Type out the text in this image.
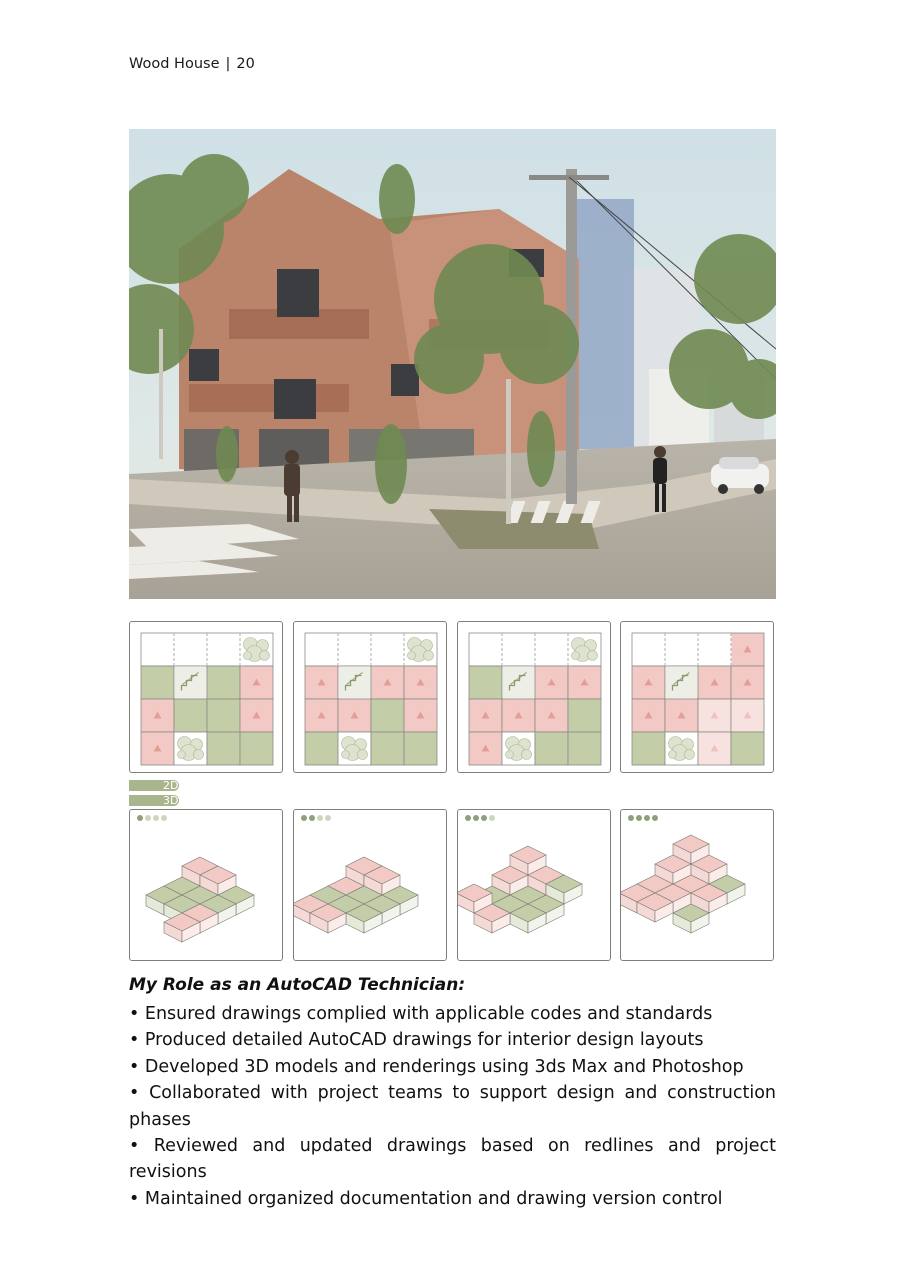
Wood House | 20
2D
3D
My Role as an AutoCAD Technician:
• Ensured drawings complied with applicable codes and standards
• Produced detailed AutoCAD drawings for interior design layouts
• Developed 3D models and renderings using 3ds Max and Photoshop
• Collaborated with project teams to support design and construction phases
• Reviewed and updated drawings based on redlines and project revisions
• Maintained organized documentation and drawing version control
